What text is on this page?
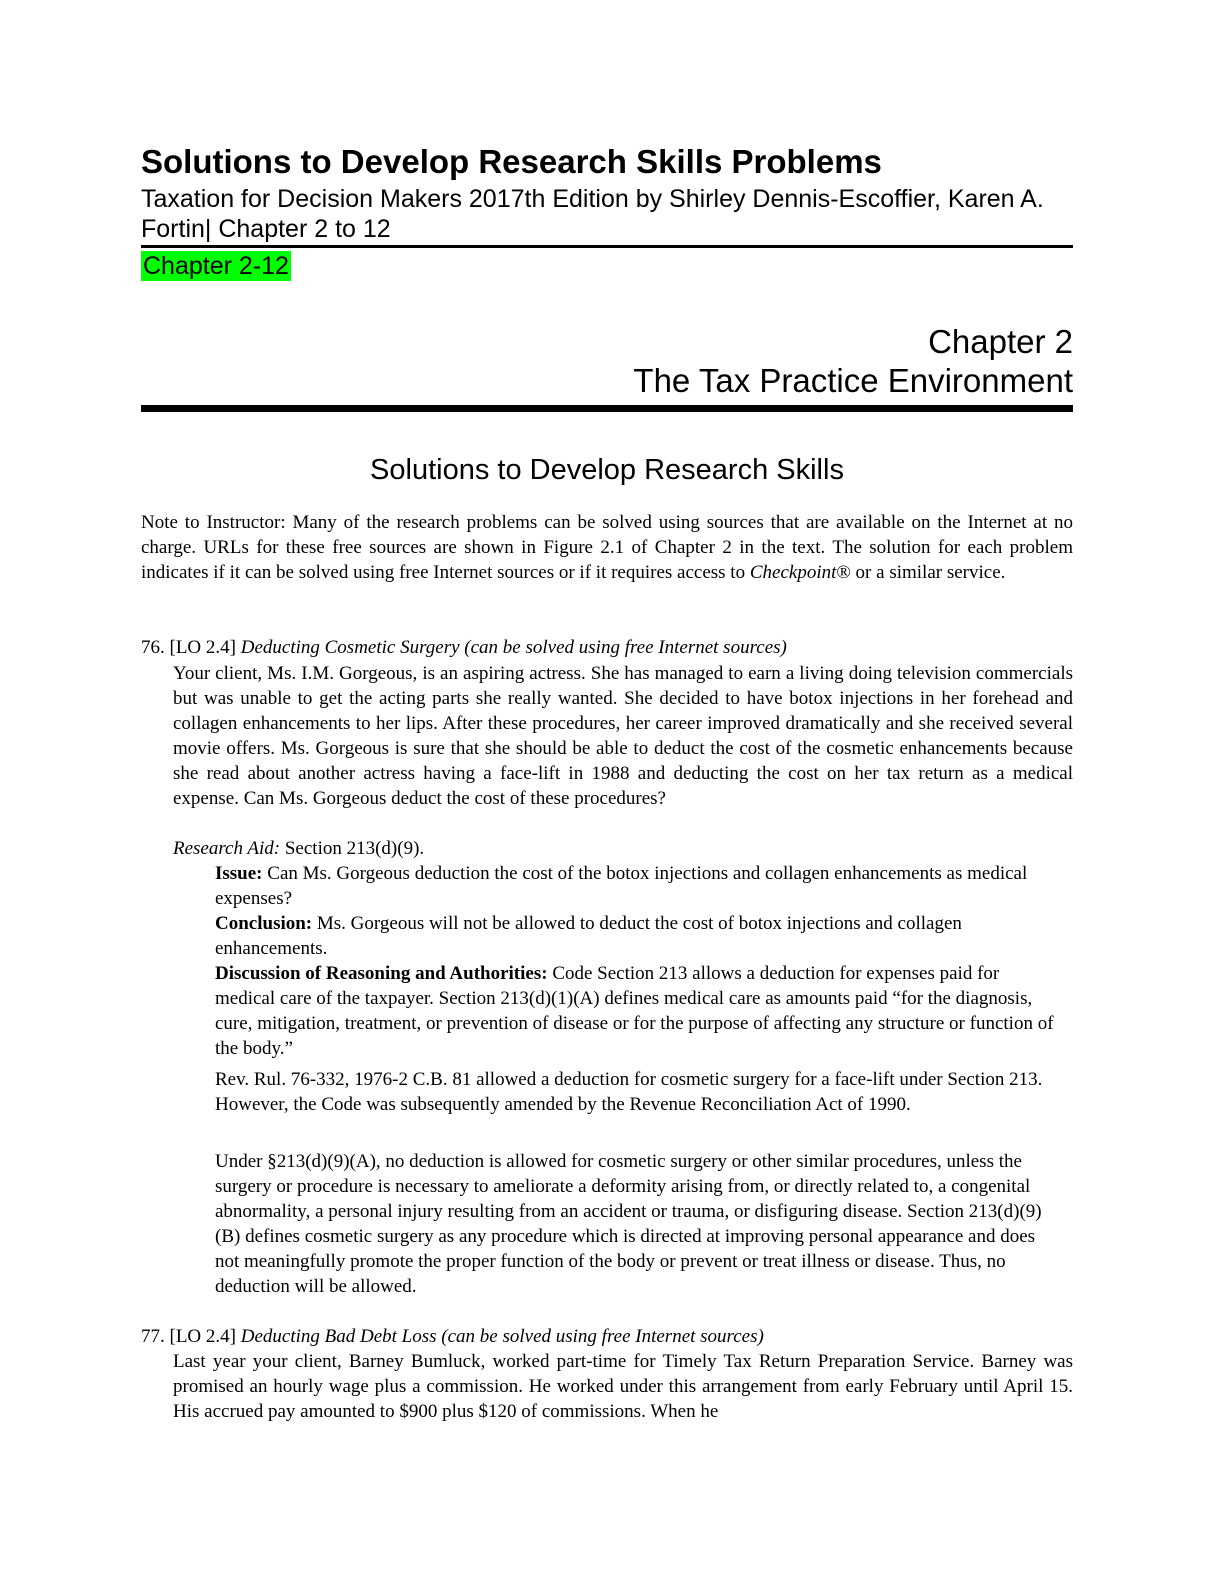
Solutions to Develop Research Skills Problems
Taxation for Decision Makers 2017th Edition by Shirley Dennis-Escoffier, Karen A. Fortin| Chapter 2 to 12
Chapter 2-12
Chapter 2
The Tax Practice Environment
Solutions to Develop Research Skills
Note to Instructor: Many of the research problems can be solved using sources that are available on the Internet at no charge. URLs for these free sources are shown in Figure 2.1 of Chapter 2 in the text. The solution for each problem indicates if it can be solved using free Internet sources or if it requires access to Checkpoint® or a similar service.
76. [LO 2.4] Deducting Cosmetic Surgery (can be solved using free Internet sources)
Your client, Ms. I.M. Gorgeous, is an aspiring actress. She has managed to earn a living doing television commercials but was unable to get the acting parts she really wanted. She decided to have botox injections in her forehead and collagen enhancements to her lips. After these procedures, her career improved dramatically and she received several movie offers. Ms. Gorgeous is sure that she should be able to deduct the cost of the cosmetic enhancements because she read about another actress having a face-lift in 1988 and deducting the cost on her tax return as a medical expense. Can Ms. Gorgeous deduct the cost of these procedures?
Research Aid: Section 213(d)(9).
Issue: Can Ms. Gorgeous deduction the cost of the botox injections and collagen enhancements as medical expenses?
Conclusion: Ms. Gorgeous will not be allowed to deduct the cost of botox injections and collagen enhancements.
Discussion of Reasoning and Authorities: Code Section 213 allows a deduction for expenses paid for medical care of the taxpayer. Section 213(d)(1)(A) defines medical care as amounts paid “for the diagnosis, cure, mitigation, treatment, or prevention of disease or for the purpose of affecting any structure or function of the body.”
Rev. Rul. 76-332, 1976-2 C.B. 81 allowed a deduction for cosmetic surgery for a face-lift under Section 213. However, the Code was subsequently amended by the Revenue Reconciliation Act of 1990.
Under §213(d)(9)(A), no deduction is allowed for cosmetic surgery or other similar procedures, unless the surgery or procedure is necessary to ameliorate a deformity arising from, or directly related to, a congenital abnormality, a personal injury resulting from an accident or trauma, or disfiguring disease. Section 213(d)(9)(B) defines cosmetic surgery as any procedure which is directed at improving personal appearance and does not meaningfully promote the proper function of the body or prevent or treat illness or disease. Thus, no deduction will be allowed.
77. [LO 2.4] Deducting Bad Debt Loss (can be solved using free Internet sources)
Last year your client, Barney Bumluck, worked part-time for Timely Tax Return Preparation Service. Barney was promised an hourly wage plus a commission. He worked under this arrangement from early February until April 15. His accrued pay amounted to $900 plus $120 of commissions. When he
